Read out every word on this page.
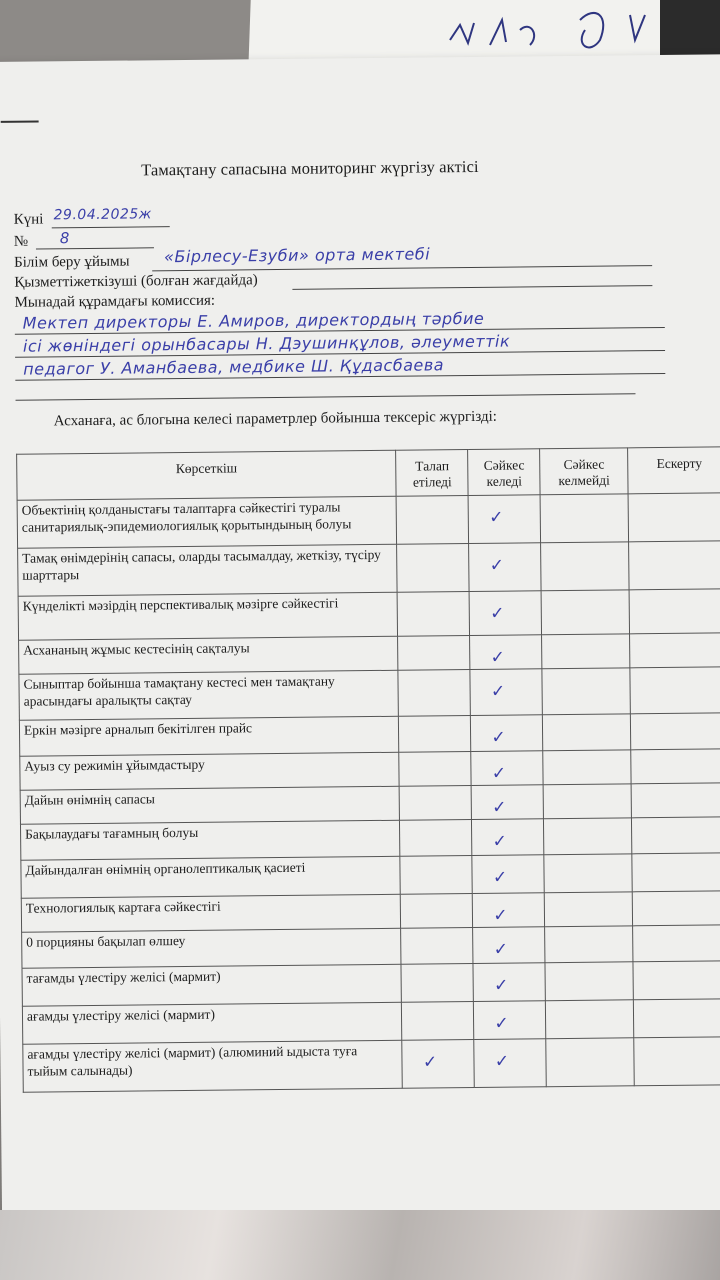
Тамақтану сапасына мониторинг жүргізу актісі
Күні 29.04.2025ж
№ 8
Білім беру ұйымы «Бірлесу-Езуби» орта мектебі
Қызметтіжеткізуші (болған жағдайда)
Мынадай құрамдағы комиссия:
Мектеп директоры Е. Амиров, директордың тәрбие
ісі жөніндегі орынбасары Н. Дэушинқұлов, әлеуметтік
педагог У. Аманбаева, медбике Ш. Құдасбаева
Асханаға, ас блогына келесі параметрлер бойынша тексеріс жүргізді:
Көрсеткіш	Талап етіледі	Сәйкес келеді	Сәйкес келмейді	Ескерту
Объектінің қолданыстағы талаптарға сәйкестігі туралы санитариялық-эпидемиологиялық қорытындының болуы		✓		

Тамақ өнімдерінің сапасы, оларды тасымалдау, жеткізу, түсіру шарттары		✓		

Күнделікті мәзірдің перспективалық мәзірге сәйкестігі		✓		

Асхананың жұмыс кестесінің сақталуы		✓		

Сыныптар бойынша тамақтану кестесі мен тамақтану арасындағы аралықты сақтау		✓		

Еркін мәзірге арналып бекітілген прайс		✓		

Ауыз су режимін ұйымдастыру		✓		

Дайын өнімнің сапасы		✓		

Бақылаудағы тағамның болуы		✓		

Дайындалған өнімнің органолептикалық қасиеті		✓		

Технологиялық картаға сәйкестігі		✓		

0 порцияны бақылап өлшеу		✓		

тағамды үлестіру желісі (мармит)		✓		

ағамды үлестіру желісі (мармит)		✓		

ағамды үлестіру желісі (мармит) (алюминий ыдыста туға тыйым салынады)	✓	✓		
